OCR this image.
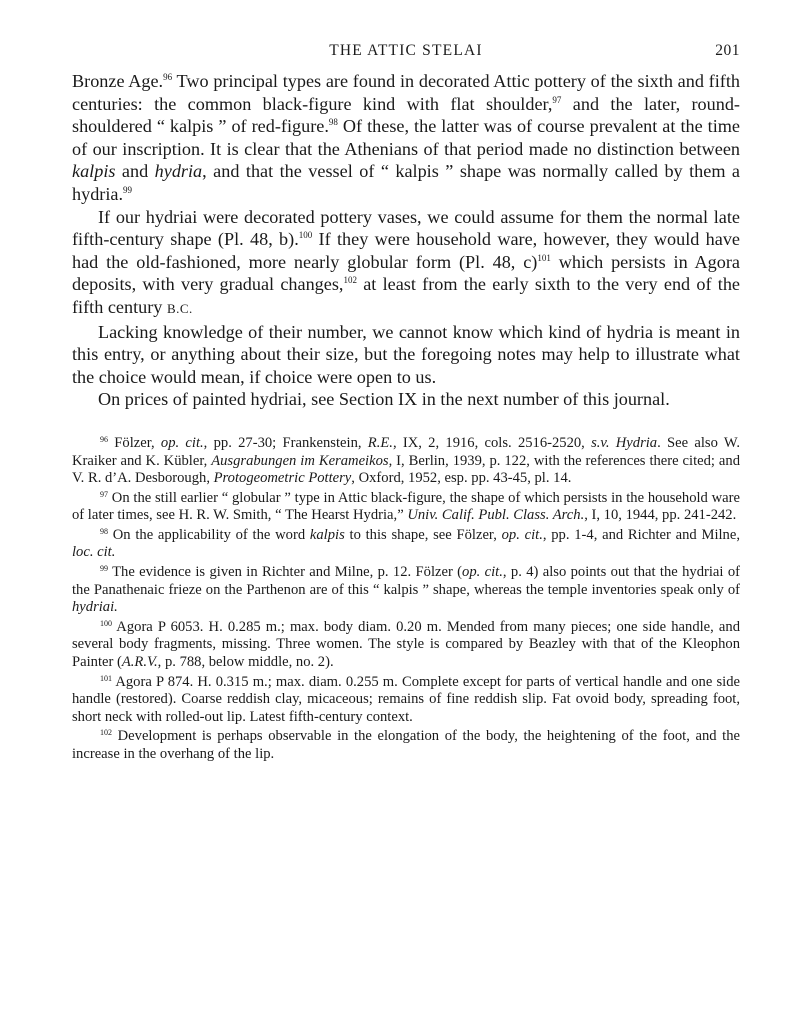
THE ATTIC STELAI	201

Bronze Age.$^{96}$ Two principal types are found in decorated Attic pottery of the sixth and fifth centuries: the common black-figure kind with flat shoulder,$^{97}$ and the later, round-shouldered “ kalpis ” of red-figure.$^{98}$ Of these, the latter was of course prevalent at the time of our inscription. It is clear that the Athenians of that period made no distinction between kalpis and hydria, and that the vessel of “ kalpis ” shape was normally called by them a hydria.$^{99}$

If our hydriai were decorated pottery vases, we could assume for them the normal late fifth-century shape (Pl. 48, b).$^{100}$ If they were household ware, however, they would have had the old-fashioned, more nearly globular form (Pl. 48, c)$^{101}$ which persists in Agora deposits, with very gradual changes,$^{102}$ at least from the early sixth to the very end of the fifth century B.C.

Lacking knowledge of their number, we cannot know which kind of hydria is meant in this entry, or anything about their size, but the foregoing notes may help to illustrate what the choice would mean, if choice were open to us.

On prices of painted hydriai, see Section IX in the next number of this journal.

$^{96}$ Fölzer, op. cit., pp. 27-30; Frankenstein, R.E., IX, 2, 1916, cols. 2516-2520, s.v. Hydria. See also W. Kraiker and K. Kübler, Ausgrabungen im Kerameikos, I, Berlin, 1939, p. 122, with the references there cited; and V. R. d’A. Desborough, Protogeometric Pottery, Oxford, 1952, esp. pp. 43-45, pl. 14.

$^{97}$ On the still earlier “ globular ” type in Attic black-figure, the shape of which persists in the household ware of later times, see H. R. W. Smith, “ The Hearst Hydria,” Univ. Calif. Publ. Class. Arch., I, 10, 1944, pp. 241-242.

$^{98}$ On the applicability of the word kalpis to this shape, see Fölzer, op. cit., pp. 1-4, and Richter and Milne, loc. cit.

$^{99}$ The evidence is given in Richter and Milne, p. 12. Fölzer (op. cit., p. 4) also points out that the hydriai of the Panathenaic frieze on the Parthenon are of this “ kalpis ” shape, whereas the temple inventories speak only of hydriai.

$^{100}$ Agora P 6053. H. 0.285 m.; max. body diam. 0.20 m. Mended from many pieces; one side handle, and several body fragments, missing. Three women. The style is compared by Beazley with that of the Kleophon Painter (A.R.V., p. 788, below middle, no. 2).

$^{101}$ Agora P 874. H. 0.315 m.; max. diam. 0.255 m. Complete except for parts of vertical handle and one side handle (restored). Coarse reddish clay, micaceous; remains of fine reddish slip. Fat ovoid body, spreading foot, short neck with rolled-out lip. Latest fifth-century context.

$^{102}$ Development is perhaps observable in the elongation of the body, the heightening of the foot, and the increase in the overhang of the lip.
